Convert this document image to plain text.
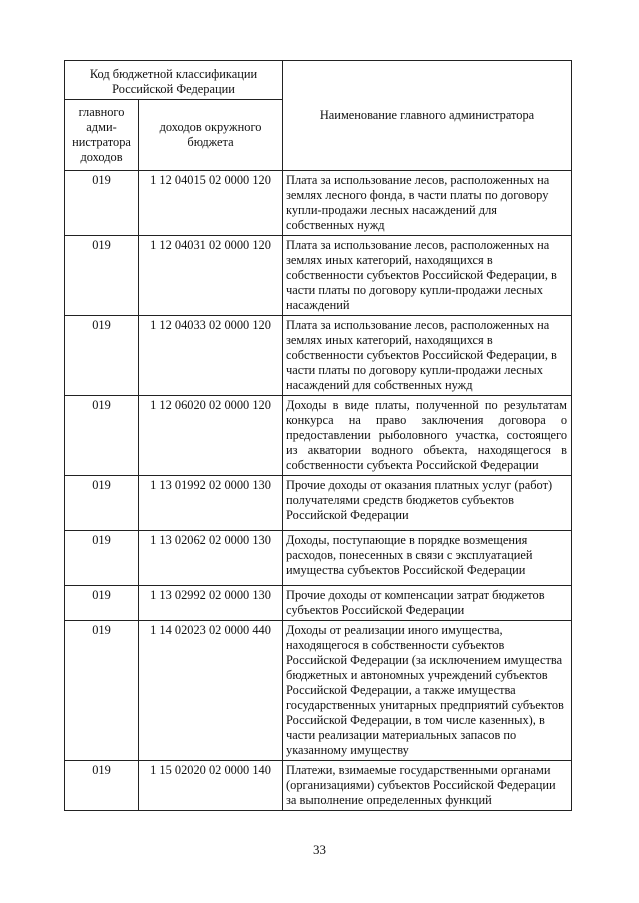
Код бюджетной классификации Российской Федерации		Наименование главного администратора
главного адми-нистратора доходов	доходов окружного бюджета	
019	1 12 04015 02 0000 120	Плата за использование лесов, расположенных на землях лесного фонда, в части платы по договору купли-продажи лесных насаждений для собственных нужд
019	1 12 04031 02 0000 120	Плата за использование лесов, расположенных на землях иных категорий, находящихся в собственности субъектов Российской Федерации, в части платы по договору купли-продажи лесных насаждений
019	1 12 04033 02 0000 120	Плата за использование лесов, расположенных на землях иных категорий, находящихся в собственности субъектов Российской Федерации, в части платы по договору купли-продажи лесных насаждений для собственных нужд
019	1 12 06020 02 0000 120	Доходы в виде платы, полученной по результатам конкурса на право заключения договора о предоставлении рыболовного участка, состоящего из акватории водного объекта, находящегося в собственности субъекта Российской Федерации
019	1 13 01992 02 0000 130	Прочие доходы от оказания платных услуг (работ) получателями средств бюджетов субъектов Российской Федерации
019	1 13 02062 02 0000 130	Доходы, поступающие в порядке возмещения расходов, понесенных в связи с эксплуатацией имущества субъектов Российской Федерации
019	1 13 02992 02 0000 130	Прочие доходы от компенсации затрат бюджетов субъектов Российской Федерации
019	1 14 02023 02 0000 440	Доходы от реализации иного имущества, находящегося в собственности субъектов Российской Федерации (за исключением имущества бюджетных и автономных учреждений субъектов Российской Федерации, а также имущества государственных унитарных предприятий субъектов Российской Федерации, в том числе казенных), в части реализации материальных запасов по указанному имуществу
019	1 15 02020 02 0000 140	Платежи, взимаемые государственными органами (организациями) субъектов Российской Федерации за выполнение определенных функций
33
